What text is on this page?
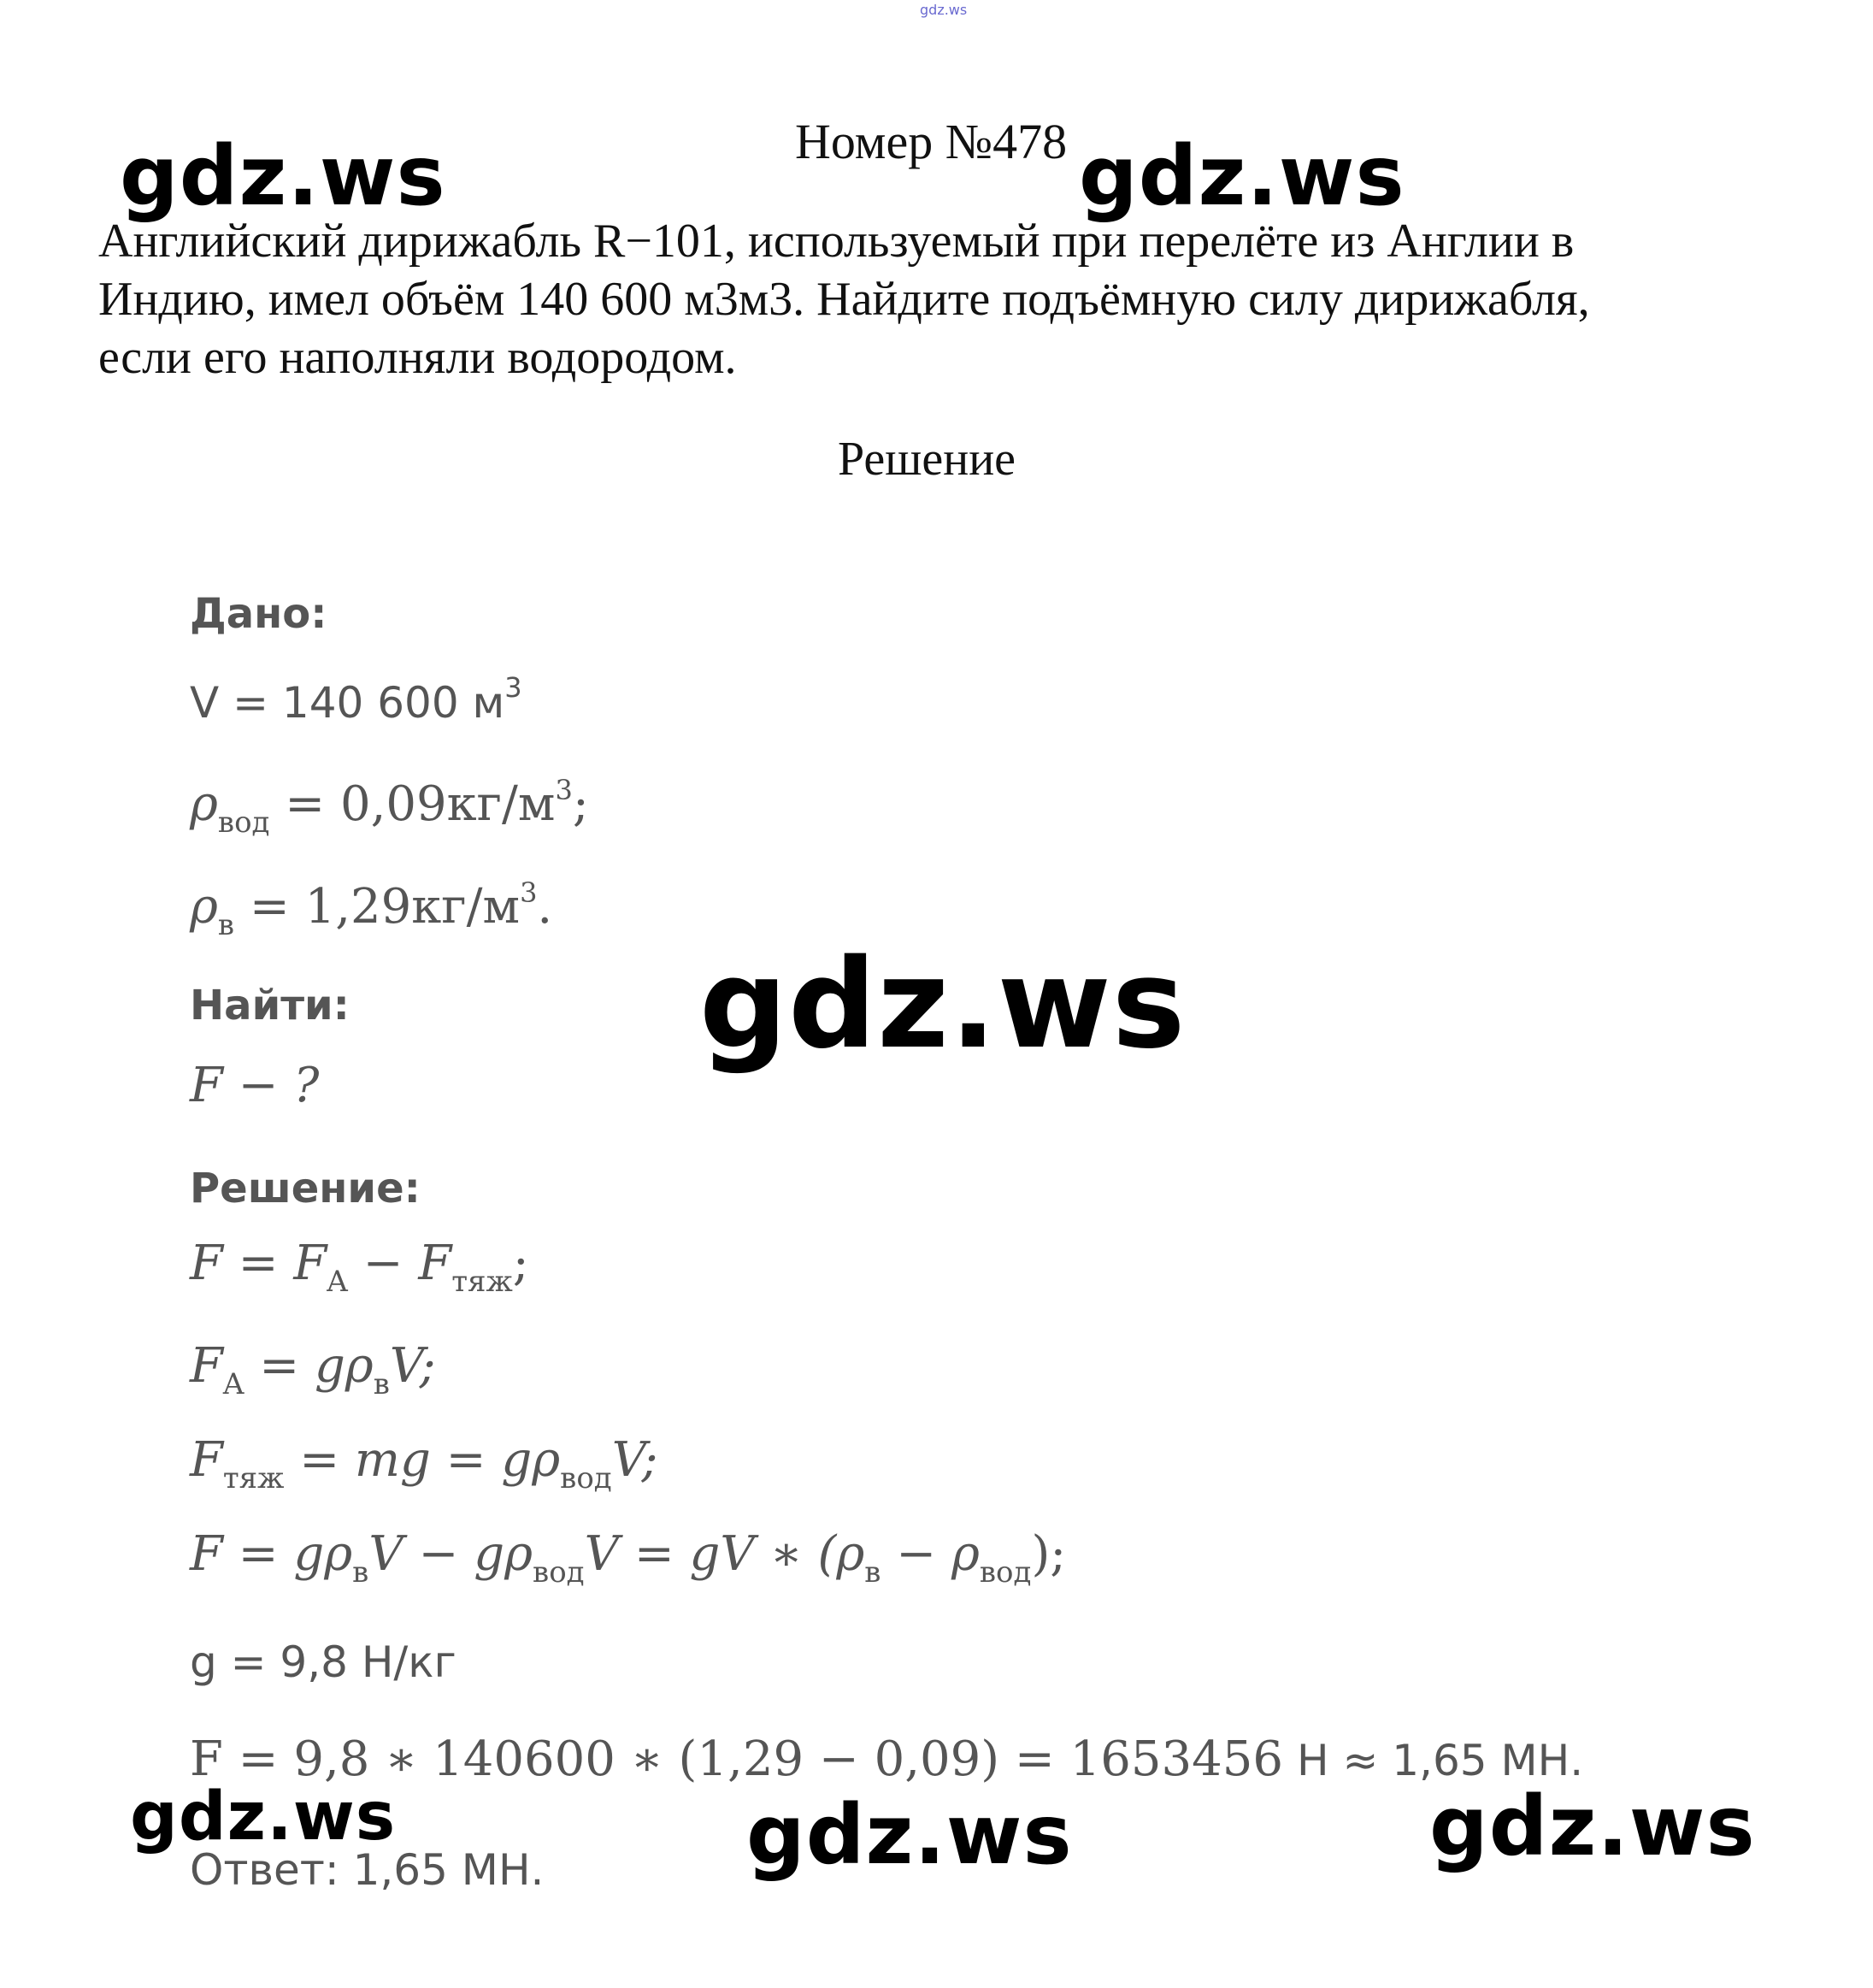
gdz.ws
Номер №478
gdz.ws	gdz.ws
gdz.ws
gdz.ws	gdz.ws	gdz.ws
Английский дирижабль R−101, используемый при перелёте из Англии в
Индию, имел объём 140 600 м3м3. Найдите подъёмную силу дирижабля,
если его наполняли водородом.
Решение
Дано:
V = 140 600 $м^3$
$\rho_{вод} = 0,09кг/м^3$;
$\rho_в = 1,29кг/м^3$.
Найти:
F − ?
Решение:
$F = F_A - F_{тяж}$;
$F_A = g\rho_вV$;
$F_{тяж}$ = mg = $g\rho_{вод}V$;
$F = g\rho_вV - g\rho_{вод}V$ = gV ∗ $(\rho_в - \rho_{вод})$;
g = 9,8 Н/кг
F = 9,8 ∗ 140600 ∗ (1,29 − 0,09) = 1653456 Н ≈ 1,65 МН.
Ответ: 1,65 МН.
